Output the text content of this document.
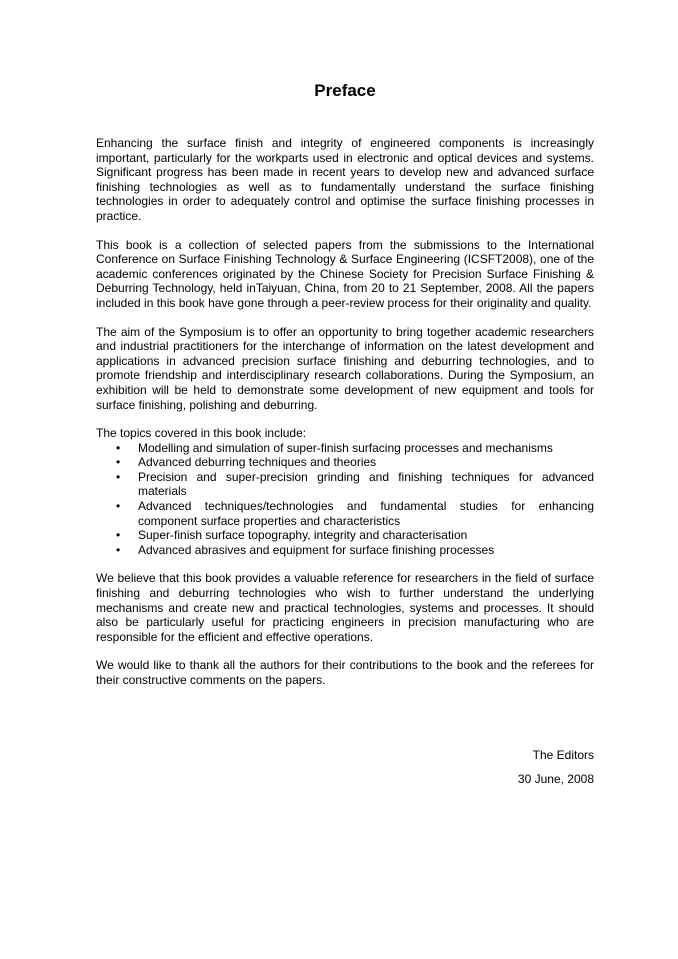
Preface

Enhancing the surface finish and integrity of engineered components is increasingly important, particularly for the workparts used in electronic and optical devices and systems. Significant progress has been made in recent years to develop new and advanced surface finishing technologies as well as to fundamentally understand the surface finishing technologies in order to adequately control and optimise the surface finishing processes in practice.

This book is a collection of selected papers from the submissions to the International Conference on Surface Finishing Technology & Surface Engineering (ICSFT2008), one of the academic conferences originated by the Chinese Society for Precision Surface Finishing & Deburring Technology, held inTaiyuan, China, from 20 to 21 September, 2008. All the papers included in this book have gone through a peer-review process for their originality and quality.

The aim of the Symposium is to offer an opportunity to bring together academic researchers and industrial practitioners for the interchange of information on the latest development and applications in advanced precision surface finishing and deburring technologies, and to promote friendship and interdisciplinary research collaborations. During the Symposium, an exhibition will be held to demonstrate some development of new equipment and tools for surface finishing, polishing and deburring.

The topics covered in this book include:

• Modelling and simulation of super-finish surfacing processes and mechanisms
• Advanced deburring techniques and theories
• Precision and super-precision grinding and finishing techniques for advanced materials
• Advanced techniques/technologies and fundamental studies for enhancing component surface properties and characteristics
• Super-finish surface topography, integrity and characterisation
• Advanced abrasives and equipment for surface finishing processes

We believe that this book provides a valuable reference for researchers in the field of surface finishing and deburring technologies who wish to further understand the underlying mechanisms and create new and practical technologies, systems and processes. It should also be particularly useful for practicing engineers in precision manufacturing who are responsible for the efficient and effective operations.

We would like to thank all the authors for their contributions to the book and the referees for their constructive comments on the papers.

The Editors
30 June, 2008
